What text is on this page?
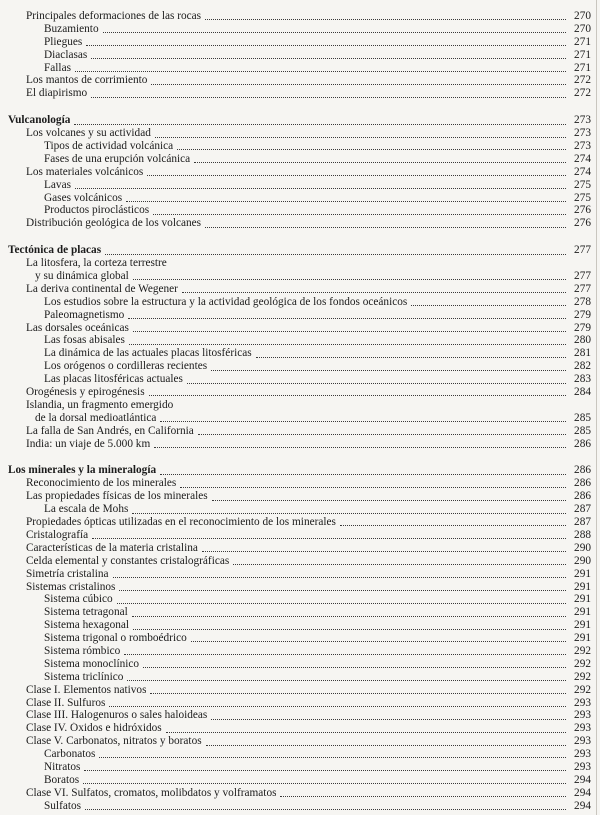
Principales deformaciones de las rocas	270
Buzamiento	270
Pliegues	271
Diaclasas	271
Fallas	271
Los mantos de corrimiento	272
El diapirismo	272
Vulcanología	273
Los volcanes y su actividad	273
Tipos de actividad volcánica	273
Fases de una erupción volcánica	274
Los materiales volcánicos	274
Lavas	275
Gases volcánicos	275
Productos piroclásticos	276
Distribución geológica de los volcanes	276
Tectónica de placas	277
La litosfera, la corteza terrestre
y su dinámica global	277
La deriva continental de Wegener	277
Los estudios sobre la estructura y la actividad geológica de los fondos oceánicos	278
Paleomagnetismo	279
Las dorsales oceánicas	279
Las fosas abisales	280
La dinámica de las actuales placas litosféricas	281
Los orógenos o cordilleras recientes	282
Las placas litosféricas actuales	283
Orogénesis y epirogénesis	284
Islandia, un fragmento emergido
de la dorsal medioatlántica	285
La falla de San Andrés, en California	285
India: un viaje de 5.000 km	286
Los minerales y la mineralogía	286
Reconocimiento de los minerales	286
Las propiedades físicas de los minerales	286
La escala de Mohs	287
Propiedades ópticas utilizadas en el reconocimiento de los minerales	287
Cristalografía	288
Características de la materia cristalina	290
Celda elemental y constantes cristalográficas	290
Simetría cristalina	291
Sistemas cristalinos	291
Sistema cúbico	291
Sistema tetragonal	291
Sistema hexagonal	291
Sistema trigonal o romboédrico	291
Sistema rómbico	292
Sistema monoclínico	292
Sistema triclínico	292
Clase I. Elementos nativos	292
Clase II. Sulfuros	293
Clase III. Halogenuros o sales haloideas	293
Clase IV. Óxidos e hidróxidos	293
Clase V. Carbonatos, nitratos y boratos	293
Carbonatos	293
Nitratos	293
Boratos	294
Clase VI. Sulfatos, cromatos, molibdatos y volframatos	294
Sulfatos	294
